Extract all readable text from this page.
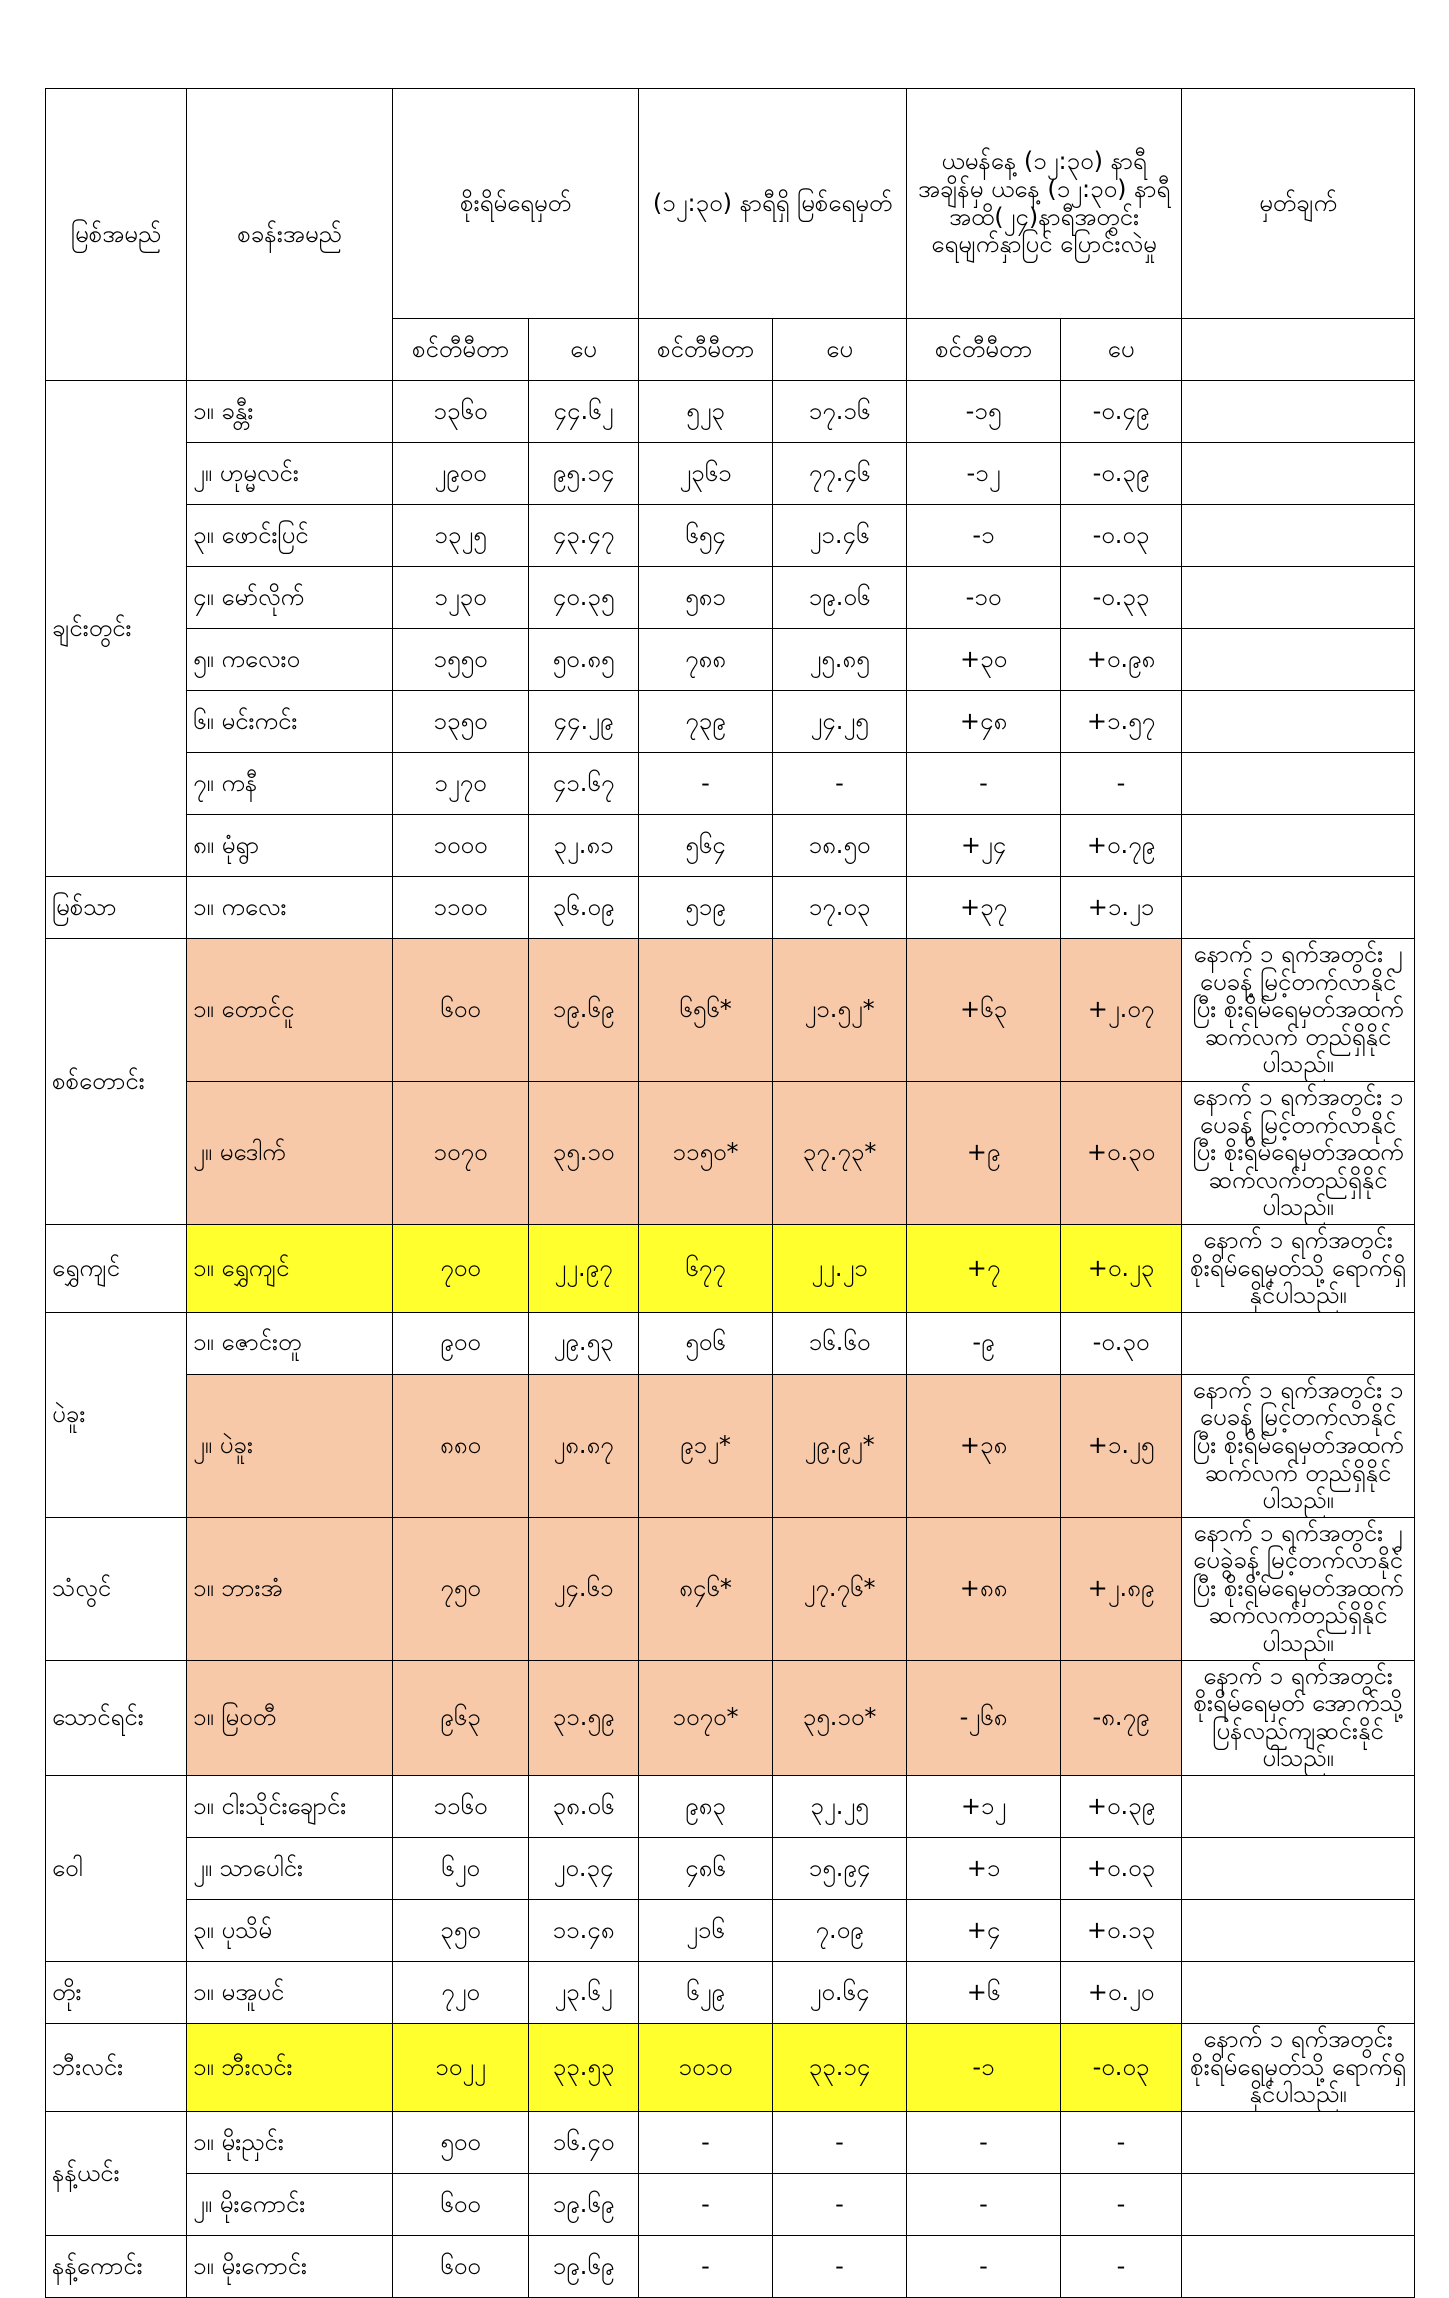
မြစ်အမည်	စခန်းအမည်	စိုးရိမ်ရေမှတ်		(၁၂:၃၀) နာရီရှိ မြစ်ရေမှတ်		ယမန်နေ့ (၁၂:၃၀) နာရီ အချိန်မှ ယနေ့ (၁၂:၃၀) နာရီအထိ(၂၄)နာရီအတွင်း ရေမျက်နှာပြင် ပြောင်းလဲမှု		မှတ်ချက်
		စင်တီမီတာ	ပေ	စင်တီမီတာ	ပေ	စင်တီမီတာ	ပေ	
ချင်းတွင်း	၁။ ခန္တီး	၁၃၆၀	၄၄.၆၂	၅၂၃	၁၇.၁၆	-၁၅	-၀.၄၉	
	၂။ ဟုမ္မလင်း	၂၉၀၀	၉၅.၁၄	၂၃၆၁	၇၇.၄၆	-၁၂	-၀.၃၉	
	၃။ ဖောင်းပြင်	၁၃၂၅	၄၃.၄၇	၆၅၄	၂၁.၄၆	-၁	-၀.၀၃	
	၄။ မော်လိုက်	၁၂၃၀	၄၀.၃၅	၅၈၁	၁၉.၀၆	-၁၀	-၀.၃၃	
	၅။ ကလေးဝ	၁၅၅၀	၅၀.၈၅	၇၈၈	၂၅.၈၅	+၃၀	+၀.၉၈	
	၆။ မင်းကင်း	၁၃၅၀	၄၄.၂၉	၇၃၉	၂၄.၂၅	+၄၈	+၁.၅၇	
	၇။ ကနီ	၁၂၇၀	၄၁.၆၇	-	-	-	-	
	၈။ မုံရွာ	၁၀၀၀	၃၂.၈၁	၅၆၄	၁၈.၅၀	+၂၄	+၀.၇၉	
မြစ်သာ	၁။ ကလေး	၁၁၀၀	၃၆.၀၉	၅၁၉	၁၇.၀၃	+၃၇	+၁.၂၁	
စစ်တောင်း	၁။ တောင်ငူ	၆၀၀	၁၉.၆၉	၆၅၆*	၂၁.၅၂*	+၆၃	+၂.၀၇	နောက် ၁ ရက်အတွင်း ၂ ပေခန့် မြင့်တက်လာနိုင်ပြီး စိုးရိမ်ရေမှတ်အထက် ဆက်လက် တည်ရှိနိုင်ပါသည်။
	၂။ မဒေါက်	၁၀၇၀	၃၅.၁၀	၁၁၅၀*	၃၇.၇၃*	+၉	+၀.၃၀	နောက် ၁ ရက်အတွင်း ၁ ပေခန့် မြင့်တက်လာနိုင်ပြီး စိုးရိမ်ရေမှတ်အထက် ဆက်လက်တည်ရှိနိုင်ပါသည်။
ရွှေကျင်	၁။ ရွှေကျင်	၇၀၀	၂၂.၉၇	၆၇၇	၂၂.၂၁	+၇	+၀.၂၃	နောက် ၁ ရက်အတွင်း စိုးရိမ်ရေမှတ်သို့ ရောက်ရှိနိုင်ပါသည်။
ပဲခူး	၁။ ဇောင်းတူ	၉၀၀	၂၉.၅၃	၅၀၆	၁၆.၆၀	-၉	-၀.၃၀	
	၂။ ပဲခူး	၈၈၀	၂၈.၈၇	၉၁၂*	၂၉.၉၂*	+၃၈	+၁.၂၅	နောက် ၁ ရက်အတွင်း ၁ ပေခန့် မြင့်တက်လာနိုင်ပြီး စိုးရိမ်ရေမှတ်အထက် ဆက်လက် တည်ရှိနိုင်ပါသည်။
သံလွင်	၁။ ဘားအံ	၇၅၀	၂၄.၆၁	၈၄၆*	၂၇.၇၆*	+၈၈	+၂.၈၉	နောက် ၁ ရက်အတွင်း ၂ ပေခွဲခန့် မြင့်တက်လာနိုင်ပြီး စိုးရိမ်ရေမှတ်အထက် ဆက်လက်တည်ရှိနိုင်ပါသည်။
သောင်ရင်း	၁။ မြဝတီ	၉၆၃	၃၁.၅၉	၁၀၇၀*	၃၅.၁၀*	-၂၆၈	-၈.၇၉	နောက် ၁ ရက်အတွင်း စိုးရိမ်ရေမှတ် အောက်သို့ ပြန်လည်ကျဆင်းနိုင်ပါသည်။
ဝေါ	၁။ ငါးသိုင်းချောင်း	၁၁၆၀	၃၈.၀၆	၉၈၃	၃၂.၂၅	+၁၂	+၀.၃၉	
	၂။ သာပေါင်း	၆၂၀	၂၀.၃၄	၄၈၆	၁၅.၉၄	+၁	+၀.၀၃	
	၃။ ပုသိမ်	၃၅၀	၁၁.၄၈	၂၁၆	၇.၀၉	+၄	+၀.၁၃	
တိုး	၁။ မအူပင်	၇၂၀	၂၃.၆၂	၆၂၉	၂၀.၆၄	+၆	+၀.၂၀	
ဘီးလင်း	၁။ ဘီးလင်း	၁၀၂၂	၃၃.၅၃	၁၀၁၀	၃၃.၁၄	-၁	-၀.၀၃	နောက် ၁ ရက်အတွင်း စိုးရိမ်ရေမှတ်သို့ ရောက်ရှိနိုင်ပါသည်။
နန့်ယင်း	၁။ မိုးညှင်း	၅၀၀	၁၆.၄၀	-	-	-	-	
	၂။ မိုးကောင်း	၆၀၀	၁၉.၆၉	-	-	-	-	
နန့်ကောင်း	၁။ မိုးကောင်း	၆၀၀	၁၉.၆၉	-	-	-	-	
